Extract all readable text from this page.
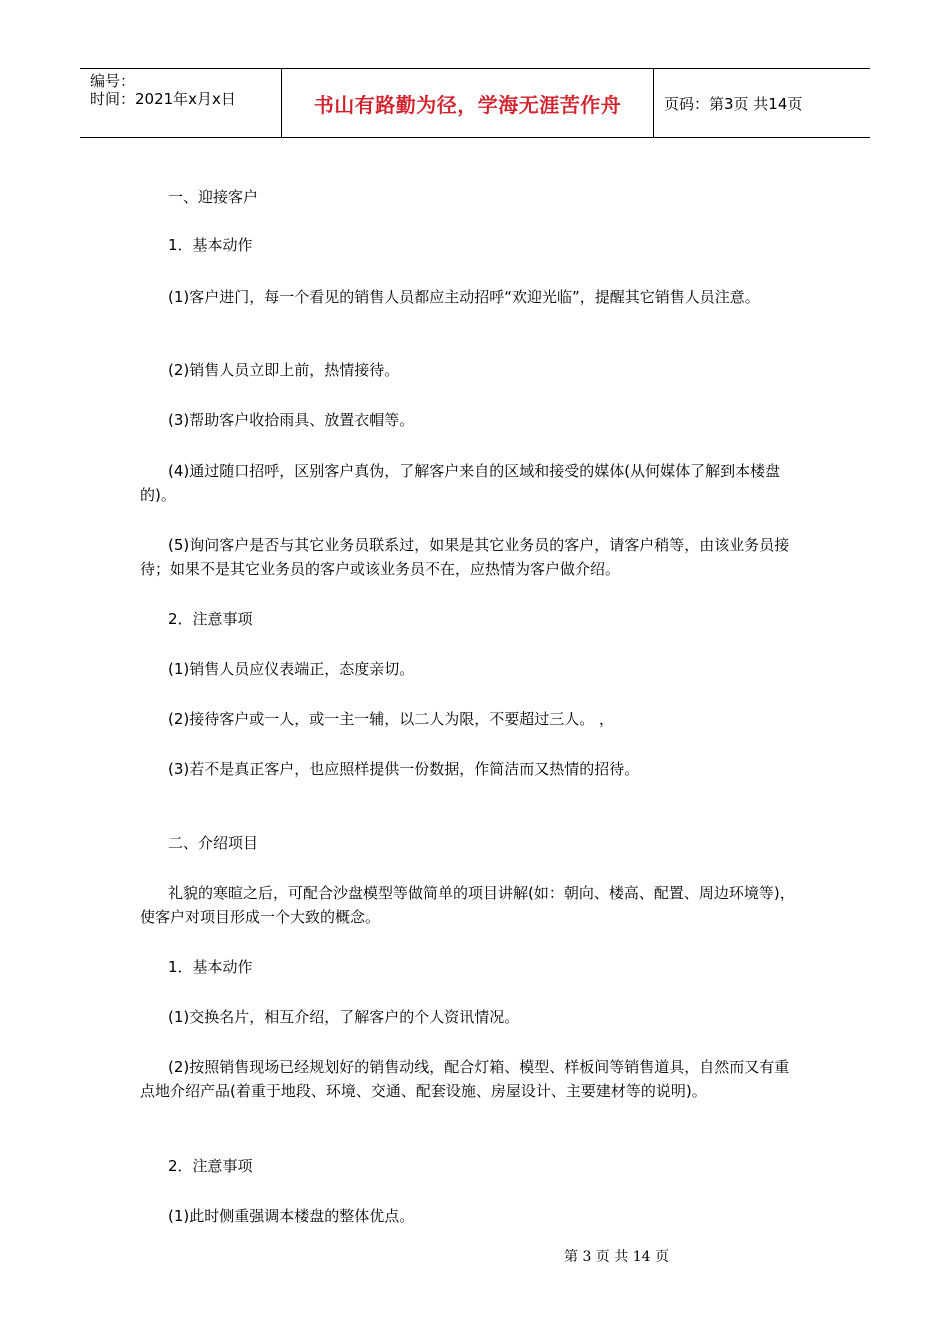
编号：
时间：2021年x月x日	书山有路勤为径，学海无涯苦作舟	页码：第3页 共14页

一、迎接客户

1．基本动作

(1)客户进门，每一个看见的销售人员都应主动招呼“欢迎光临”，提醒其它销售人员注意。

(2)销售人员立即上前，热情接待。

(3)帮助客户收拾雨具、放置衣帽等。

(4)通过随口招呼，区别客户真伪，了解客户来自的区域和接受的媒体(从何媒体了解到本楼盘的)。

(5)询问客户是否与其它业务员联系过，如果是其它业务员的客户，请客户稍等，由该业务员接待；如果不是其它业务员的客户或该业务员不在，应热情为客户做介绍。

2．注意事项

(1)销售人员应仪表端正，态度亲切。

(2)接待客户或一人，或一主一辅，以二人为限，不要超过三人。 ，

(3)若不是真正客户，也应照样提供一份数据，作简洁而又热情的招待。

二、介绍项目

礼貌的寒暄之后，可配合沙盘模型等做简单的项目讲解(如：朝向、楼高、配置、周边环境等)，使客户对项目形成一个大致的概念。

1．基本动作

(1)交换名片，相互介绍，了解客户的个人资讯情况。

(2)按照销售现场已经规划好的销售动线，配合灯箱、模型、样板间等销售道具，自然而又有重点地介绍产品(着重于地段、环境、交通、配套设施、房屋设计、主要建材等的说明)。

2．注意事项

(1)此时侧重强调本楼盘的整体优点。

第 3 页 共 14 页
